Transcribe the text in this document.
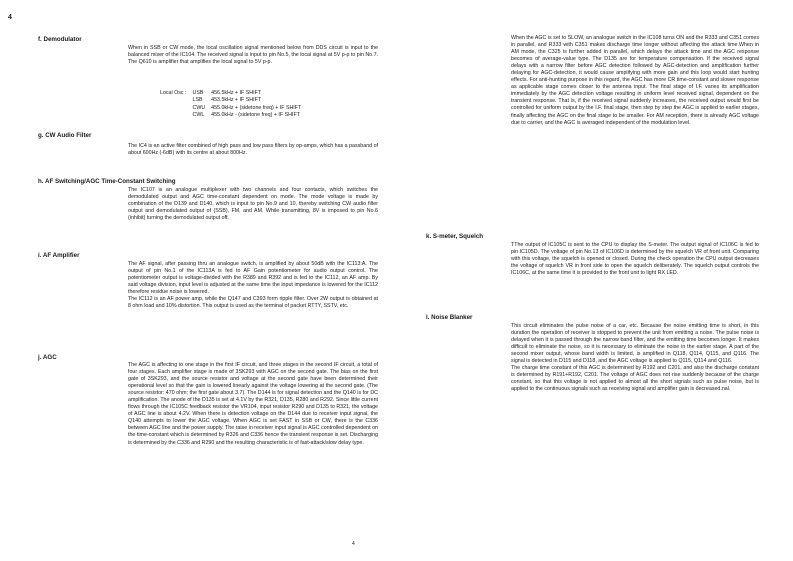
4
f. Demodulator

When in SSB or CW mode, the local oscillation signal mentioned below from DDS circuit is input to the balanced mixer of the IC104. The received signal is input to pin No.5, the local signal at 5V p-p to pin No.7. The Q610 is amplifier that amplifies the local signal to 5V p-p.

Local Osc :	USB	456.5kHz + IF SHIFT
	LSB	453.5kHz + IF SHIFT
	CWU	455.0kHz + (sidetone freq) + IF SHIFT
	CWL	455.0kHz - (sidetone freq) + IF SHIFT
g. CW Audio Filter

The IC4 is an active filter combined of high pass and low pass filters by op-amps, which has a passband of about 600Hz (-6dB) with its centre at about 800Hz.

h. AF Switching/AGC Time-Constant Switching

The IC107 is an analogue multiplexer with two channels and four contacts, which switches the demodulated output and AGC time-constant dependent on mode. The mode voltage is made by combination of the D139 and D140, which is input to pin No.9 and 10, thereby switching CW audio filter output and demodulated output of (SSB), FM, and AM. While transmitting, 8V is imposed to pin No.6 (inhibit) turning the demodulated output off.

i. AF Amplifier

The AF signal, after passing thru an analogue switch, is amplified by about 50dB with the IC113:A. The output of pin No.1 of the IC113A is fed to AF Gain potentiometer for audio output control. The potentiometer output is voltage-divided with the R389 and R392 and is fed to the IC112, an AF amp. By said voltage division, input level is adjusted at the same time the input impedance is lowered for the IC112 therefore residue noise is lowered.

The IC112 is an AF power amp, while the Q147 and C393 form ripple filter. Over 2W output is obtained at 8 ohm load and 10% distortion. This output is used as the terminal of packet RTTY, SSTV, etc.

j. AGC

The AGC is affecting to one stage in the first IF circuit, and three stages in the second IF circuit, a total of four stages. Each amplifier stage is made of 3SK293 with AGC on the second gate. The bias on the first gate of 3SK293, and the source resistor and voltage at the second gate have been determined their operational level so that the gain is lowered linearly against the voltage lowering at the second gate. (The source resistor: 470 ohm; the first gate about 3.7). The D144 is for signal detection and the Q140 is for DC amplification. The anode of the D135 is set at 4.1V by the R321, D135, R280 and R292. Since little current flows through the IC105C feedback resistor the VR104, input resistor R290 and D135 to R321, the voltage of AGC line is about 4.2V. When there is detection voltage on the D144 due to receiver input signal, the Q140 attempts to lower the AGC voltage. When AGC is set FAST in SSB or CW, there is the C336 between AGC line and the power supply. The raise in receiver input signal is AGC controlled dependent on the time-constant which is determined by R326 and C336 hence the transient response is set. Discharging is determined by the C336 and R290 and the resulting characteristic is of fast-attack/slow delay type.

When the AGC is set to SLOW, an analogue switch in the IC108 turns ON and the R333 and C351 comes in parallel, and R333 with C351 makes discharge time longer without affecting the attack time.When in AM mode, the C325 is further added in parallel, which delays the attack time and the AGC response becomes of average-value type. The D135 are for temperature compensation. If the received signal delays with a narrow filter before AGC detection followed by AGC-detection and amplification further delaying for AGC-detection, it would cause amplifying with more gain and this loop would start hunting effects. For anti-hunting purpose in this regard, the AGC has more CR time-constant and slower response as applicable stage comes closer to the antenna input. The final stage of I.F. varies its amplification immediately by the AGC detection voltage resulting in uniform level received signal, dependent on the transient response. That is, if the received signal suddenly increases, the received output would first be controlled for uniform output by the I.F. final stage, then step by step the AGC is applied to earlier stages, finally affecting the AGC on the final stage to be smaller. For AM reception, there is already AGC voltage due to carrier, and the AGC is averaged independent of the modulation level.

k. S-meter, Squelch

TThe output of IC105C is sent to the CPU to display the S-meter. The output signal of IC106C is fed to pin IC105D. The voltage of pin No.13 of IC106D is determined by the squelch VR of front unit. Comparing with this voltage, the squelch is opened or closed. During the check operation the CPU output decreases the voltage of squelch VR in front side to open the squelch deliberately. The squelch output controls the IC106C, at the same time it is provided to the front unit to light RX LED.

l. Noise Blanker

This circuit eliminates the pulse noise of a car, etc. Because the noise emitting time is short, in this duration the operation of receiver is stopped to prevent the unit from emitting a noise. The pulse noise is delayed when it is passed through the narrow band filter, and the emitting time becomes longer. It makes difficult to eliminate the noise, so it is necessary to eliminate the noise in the earlier stage. A part of the second mixer output, whose band width is limited, is amplified in Q118, Q114, Q115, and Q116. The signal is detected in D115 and D118, and the AGC voltage is applied to Q115, Q114 and Q116.

The charge time constant of this AGC is determined by R192 and C201, and also the discharge constant is determined by R191+R192, C201. The voltage of AGC does not rise suddenly because of the charge constant, so that this voltage is not applied to almost all the short signals such as pulse noise, but is applied to the continuous signals such as receiving signal and amplifier gain is decreased.nal.

4
